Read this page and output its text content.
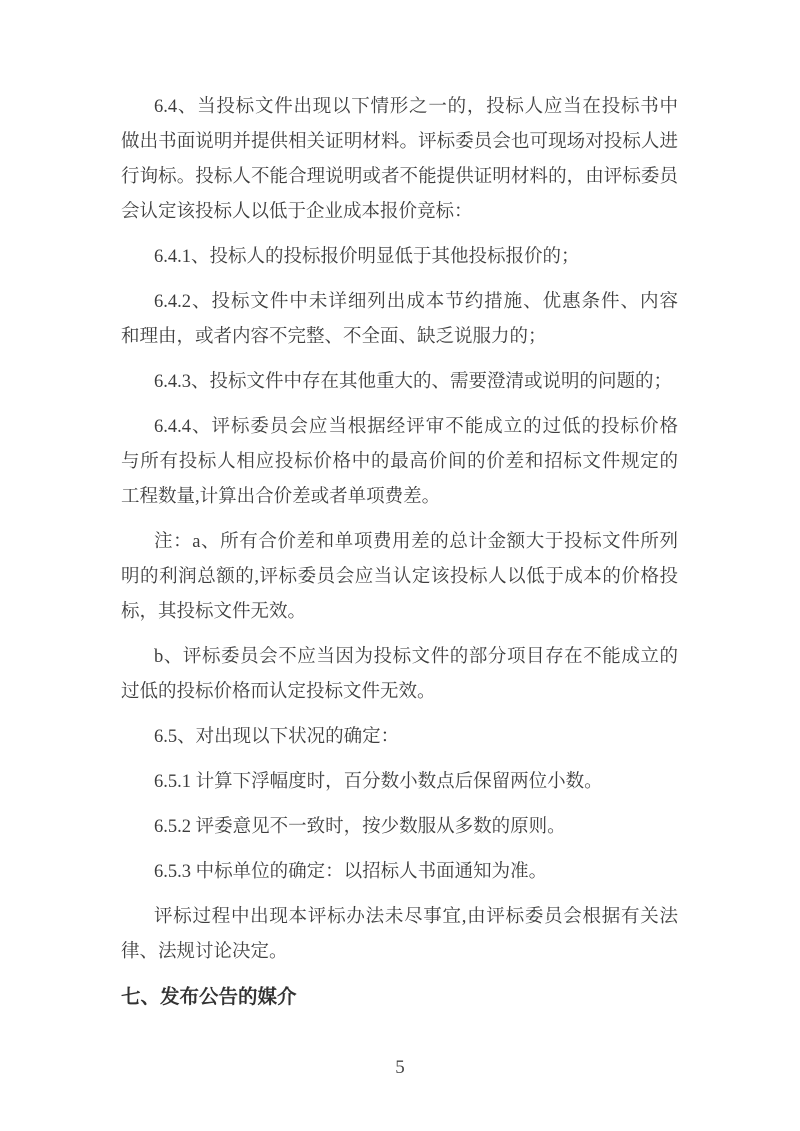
6.4、当投标文件出现以下情形之一的，投标人应当在投标书中
做出书面说明并提供相关证明材料。评标委员会也可现场对投标人进
行询标。投标人不能合理说明或者不能提供证明材料的，由评标委员
会认定该投标人以低于企业成本报价竞标：
6.4.1、投标人的投标报价明显低于其他投标报价的；
6.4.2、投标文件中未详细列出成本节约措施、优惠条件、内容
和理由，或者内容不完整、不全面、缺乏说服力的；
6.4.3、投标文件中存在其他重大的、需要澄清或说明的问题的；
6.4.4、评标委员会应当根据经评审不能成立的过低的投标价格
与所有投标人相应投标价格中的最高价间的价差和招标文件规定的
工程数量,计算出合价差或者单项费差。
注：a、所有合价差和单项费用差的总计金额大于投标文件所列
明的利润总额的,评标委员会应当认定该投标人以低于成本的价格投
标，其投标文件无效。
b、评标委员会不应当因为投标文件的部分项目存在不能成立的
过低的投标价格而认定投标文件无效。
6.5、对出现以下状况的确定：
6.5.1 计算下浮幅度时，百分数小数点后保留两位小数。
6.5.2 评委意见不一致时，按少数服从多数的原则。
6.5.3 中标单位的确定：以招标人书面通知为准。
评标过程中出现本评标办法未尽事宜,由评标委员会根据有关法
律、法规讨论决定。
七、发布公告的媒介
5
